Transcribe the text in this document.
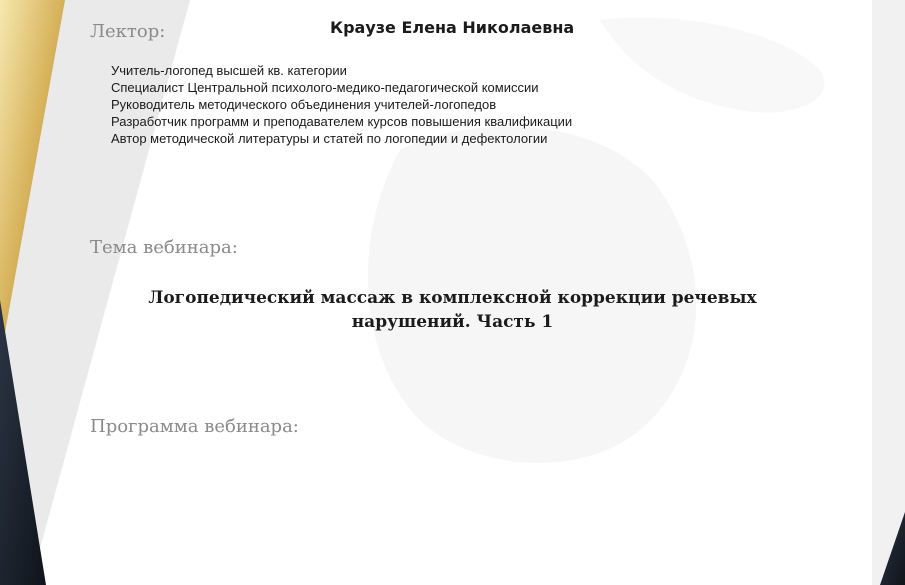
Лектор:	Краузе Елена Николаевна
Учитель-логопед высшей кв. категории
Специалист Центральной психолого-медико-педагогической комиссии
Руководитель методического объединения учителей-логопедов
Разработчик программ и преподавателем курсов повышения квалификации
Автор методической литературы и статей по логопедии и дефектологии
Тема вебинара:

Логопедический массаж в комплексной коррекции речевых нарушений. Часть 1

Программа вебинара:
